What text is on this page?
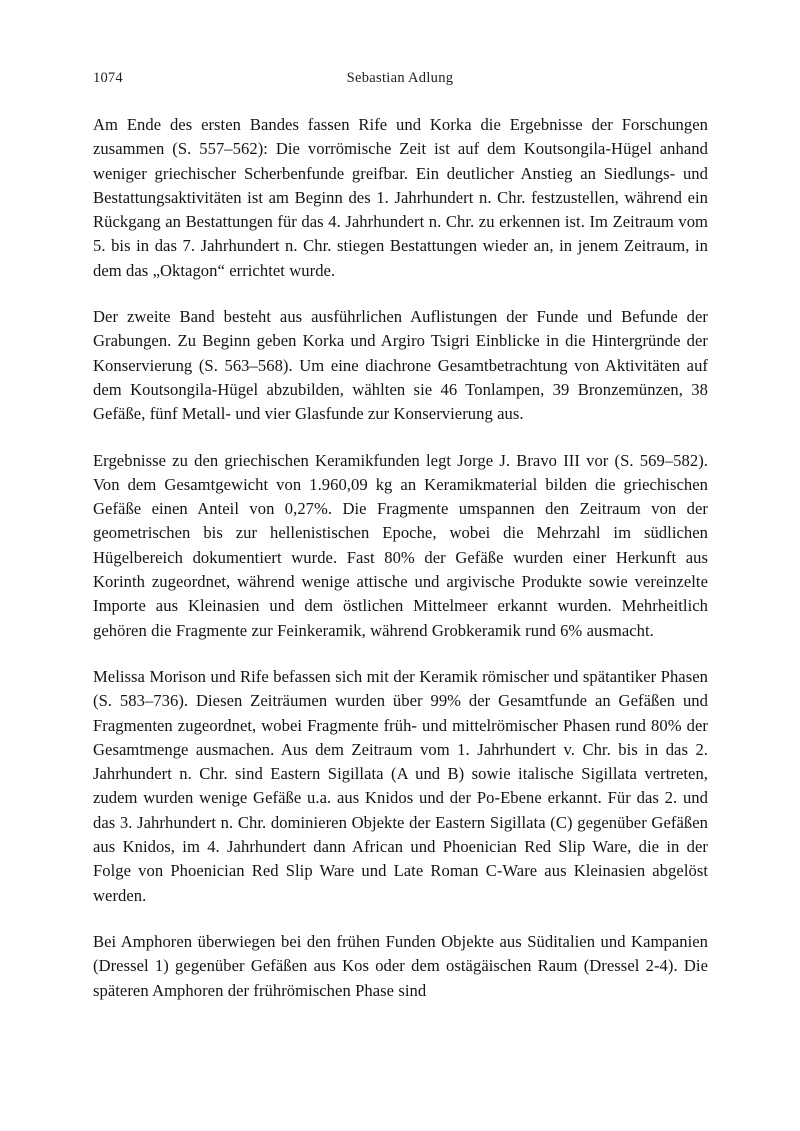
1074	Sebastian Adlung

Am Ende des ersten Bandes fassen Rife und Korka die Ergebnisse der Forschungen zusammen (S. 557–562): Die vorrömische Zeit ist auf dem Koutsongila-Hügel anhand weniger griechischer Scherbenfunde greifbar. Ein deutlicher Anstieg an Siedlungs- und Bestattungsaktivitäten ist am Beginn des 1. Jahrhundert n. Chr. festzustellen, während ein Rückgang an Bestattungen für das 4. Jahrhundert n. Chr. zu erkennen ist. Im Zeitraum vom 5. bis in das 7. Jahrhundert n. Chr. stiegen Bestattungen wieder an, in jenem Zeitraum, in dem das „Oktagon“ errichtet wurde.

Der zweite Band besteht aus ausführlichen Auflistungen der Funde und Befunde der Grabungen. Zu Beginn geben Korka und Argiro Tsigri Einblicke in die Hintergründe der Konservierung (S. 563–568). Um eine diachrone Gesamtbetrachtung von Aktivitäten auf dem Koutsongila-Hügel abzubilden, wählten sie 46 Tonlampen, 39 Bronzemünzen, 38 Gefäße, fünf Metall- und vier Glasfunde zur Konservierung aus.

Ergebnisse zu den griechischen Keramikfunden legt Jorge J. Bravo III vor (S. 569–582). Von dem Gesamtgewicht von 1.960,09 kg an Keramikmaterial bilden die griechischen Gefäße einen Anteil von 0,27%. Die Fragmente umspannen den Zeitraum von der geometrischen bis zur hellenistischen Epoche, wobei die Mehrzahl im südlichen Hügelbereich dokumentiert wurde. Fast 80% der Gefäße wurden einer Herkunft aus Korinth zugeordnet, während wenige attische und argivische Produkte sowie vereinzelte Importe aus Kleinasien und dem östlichen Mittelmeer erkannt wurden. Mehrheitlich gehören die Fragmente zur Feinkeramik, während Grobkeramik rund 6% ausmacht.

Melissa Morison und Rife befassen sich mit der Keramik römischer und spätantiker Phasen (S. 583–736). Diesen Zeiträumen wurden über 99% der Gesamtfunde an Gefäßen und Fragmenten zugeordnet, wobei Fragmente früh- und mittelrömischer Phasen rund 80% der Gesamtmenge ausmachen. Aus dem Zeitraum vom 1. Jahrhundert v. Chr. bis in das 2. Jahrhundert n. Chr. sind Eastern Sigillata (A und B) sowie italische Sigillata vertreten, zudem wurden wenige Gefäße u.a. aus Knidos und der Po-Ebene erkannt. Für das 2. und das 3. Jahrhundert n. Chr. dominieren Objekte der Eastern Sigillata (C) gegenüber Gefäßen aus Knidos, im 4. Jahrhundert dann African und Phoenician Red Slip Ware, die in der Folge von Phoenician Red Slip Ware und Late Roman C-Ware aus Kleinasien abgelöst werden.

Bei Amphoren überwiegen bei den frühen Funden Objekte aus Süditalien und Kampanien (Dressel 1) gegenüber Gefäßen aus Kos oder dem ostägäischen Raum (Dressel 2-4). Die späteren Amphoren der frührömischen Phase sind
